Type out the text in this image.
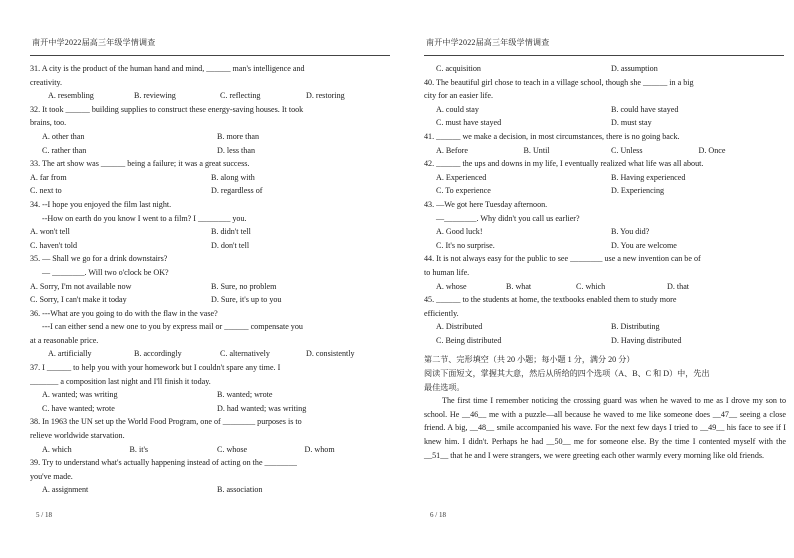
南开中学2022届高三年级学情调查
31. A city is the product of the human hand and mind, ______ man's intelligence and
creativity.
A. resembling	B. reviewing	C. reflecting	D. restoring
32. It took ______ building supplies to construct these energy-saving houses. It took
brains, too.
A. other than	B. more than
C. rather than	D. less than
33. The art show was ______ being a failure; it was a great success.
A. far from	B. along with
C. next to	D. regardless of
34. --I hope you enjoyed the film last night.
--How on earth do you know I went to a film? I ________ you.
A. won't tell	B. didn't tell
C. haven't told	D. don't tell
35. — Shall we go for a drink downstairs?
— ________. Will two o'clock be OK?
A. Sorry, I'm not available now	B. Sure, no problem
C. Sorry, I can't make it today	D. Sure, it's up to you
36. ---What are you going to do with the flaw in the vase?
---I can either send a new one to you by express mail or ______ compensate you
at a reasonable price.
A. artificially	B. accordingly	C. alternatively	D. consistently
37. I ______ to help you with your homework but I couldn't spare any time. I
_______ a composition last night and I'll finish it today.
A. wanted; was writing	B. wanted; wrote
C. have wanted; wrote	D. had wanted; was writing
38. In 1963 the UN set up the World Food Program, one of ________ purposes is to
relieve worldwide starvation.
A. which	B. it's	C. whose	D. whom
39. Try to understand what's actually happening instead of acting on the ________
you've made.
A. assignment	B. association
5 / 18
南开中学2022届高三年级学情调查
C. acquisition	D. assumption
40. The beautiful girl chose to teach in a village school, though she ______ in a big
city for an easier life.
A. could stay	B. could have stayed
C. must have stayed	D. must stay
41. ______ we make a decision, in most circumstances, there is no going back.
A. Before	B. Until	C. Unless	D. Once
42. ______ the ups and downs in my life, I eventually realized what life was all about.
A. Experienced	B. Having experienced
C. To experience	D. Experiencing
43. —We got here Tuesday afternoon.
—________. Why didn't you call us earlier?
A. Good luck!	B. You did?
C. It's no surprise.	D. You are welcome
44. It is not always easy for the public to see ________ use a new invention can be of
to human life.
A. whose	B. what	C. which	D. that
45. ______ to the students at home, the textbooks enabled them to study more
efficiently.
A. Distributed	B. Distributing
C. Being distributed	D. Having distributed
第二节、完形填空（共 20 小题；每小题 1 分，满分 20 分）
阅读下面短文，掌握其大意，然后从所给的四个选项（A、B、C 和 D）中，先出
最佳选项。
The first time I remember noticing the crossing guard was when he waved to me as I drove my son to school. He __46__ me with a puzzle—all because he waved to me like someone does __47__ seeing a close friend. A big, __48__ smile accompanied his wave. For the next few days I tried to __49__ his face to see if I knew him. I didn't. Perhaps he had __50__ me for someone else. By the time I contented myself with the __51__ that he and I were strangers, we were greeting each other warmly every morning like old friends.
6 / 18
